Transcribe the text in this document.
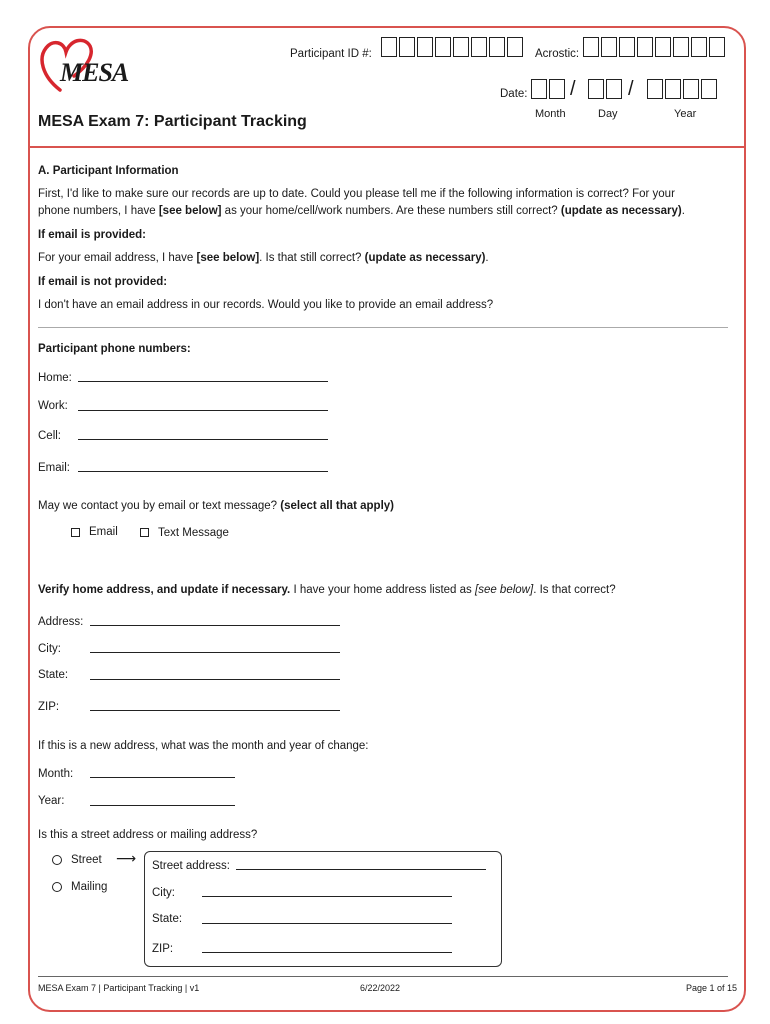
MESA
Participant ID #:	Acrostic:
Date: /	/
Month	Day	Year
MESA Exam 7: Participant Tracking
A. Participant Information
First, I'd like to make sure our records are up to date. Could you please tell me if the following information is correct? For your
phone numbers, I have [see below] as your home/cell/work numbers. Are these numbers still correct? (update as necessary).
If email is provided:
For your email address, I have [see below]. Is that still correct? (update as necessary).
If email is not provided:
I don't have an email address in our records. Would you like to provide an email address?
Participant phone numbers:
Home:
Work:
Cell:
Email:
May we contact you by email or text message? (select all that apply)
Email	Text Message
Verify home address, and update if necessary. I have your home address listed as [see below]. Is that correct?
Address:
City:
State:
ZIP:
If this is a new address, what was the month and year of change:
Month:
Year:
Is this a street address or mailing address?
Street ⟶
Mailing
Street address:
City:
State:
ZIP:
MESA Exam 7 | Participant Tracking | v1	6/22/2022	Page 1 of 15
